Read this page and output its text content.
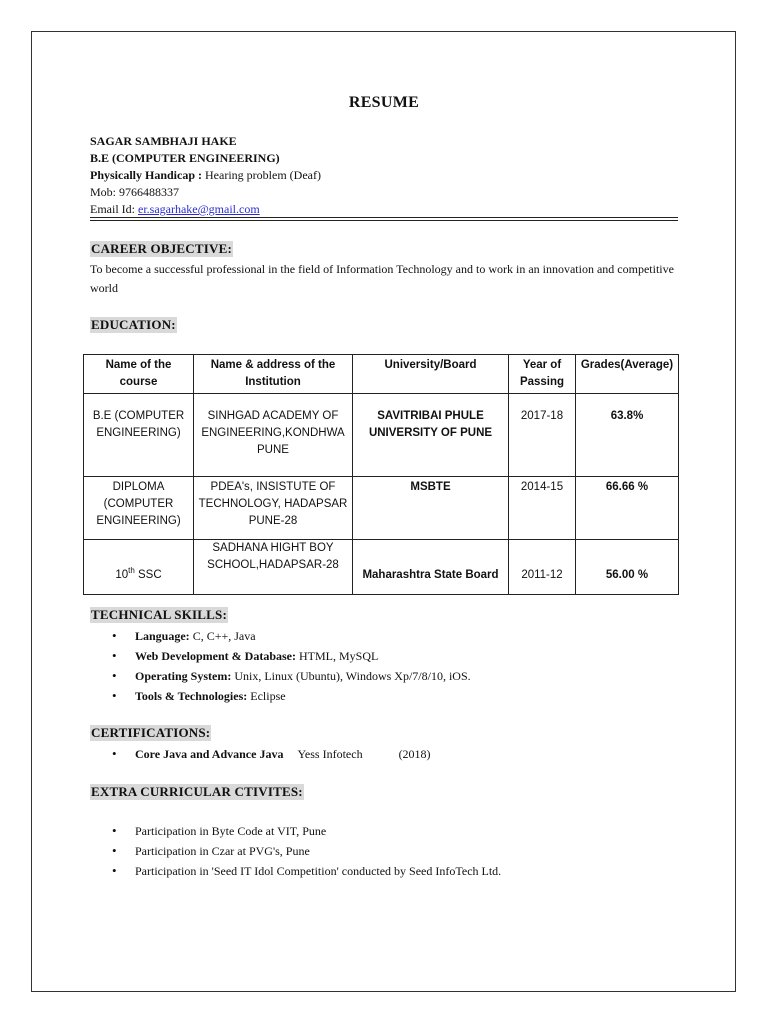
RESUME
SAGAR SAMBHAJI HAKE
B.E (COMPUTER ENGINEERING)
Physically Handicap : Hearing problem (Deaf)
Mob: 9766488337
Email Id: er.sagarhake@gmail.com
CAREER OBJECTIVE:
To become a successful professional in the field of Information Technology and to work in an innovation and competitive world
EDUCATION:
Name of the course	Name & address of the Institution	University/Board	Year of Passing	Grades(Average)
B.E (COMPUTER ENGINEERING)	SINHGAD ACADEMY OF ENGINEERING,KONDHWA PUNE	SAVITRIBAI PHULE UNIVERSITY OF PUNE	2017-18	63.8%
DIPLOMA (COMPUTER ENGINEERING)	PDEA's, INSISTUTE OF TECHNOLOGY, HADAPSAR PUNE-28	MSBTE	2014-15	66.66 %
10th SSC	SADHANA HIGHT BOY SCHOOL,HADAPSAR-28	Maharashtra State Board	2011-12	56.00 %
TECHNICAL SKILLS:
• Language: C, C++, Java
• Web Development & Database: HTML, MySQL
• Operating System: Unix, Linux (Ubuntu), Windows Xp/7/8/10, iOS.
• Tools & Technologies: Eclipse
CERTIFICATIONS:
• Core Java and Advance Java Yess Infotech	(2018)
EXTRA CURRICULAR CTIVITES:
• Participation in Byte Code at VIT, Pune
• Participation in Czar at PVG's, Pune
• Participation in 'Seed IT Idol Competition' conducted by Seed InfoTech Ltd.
